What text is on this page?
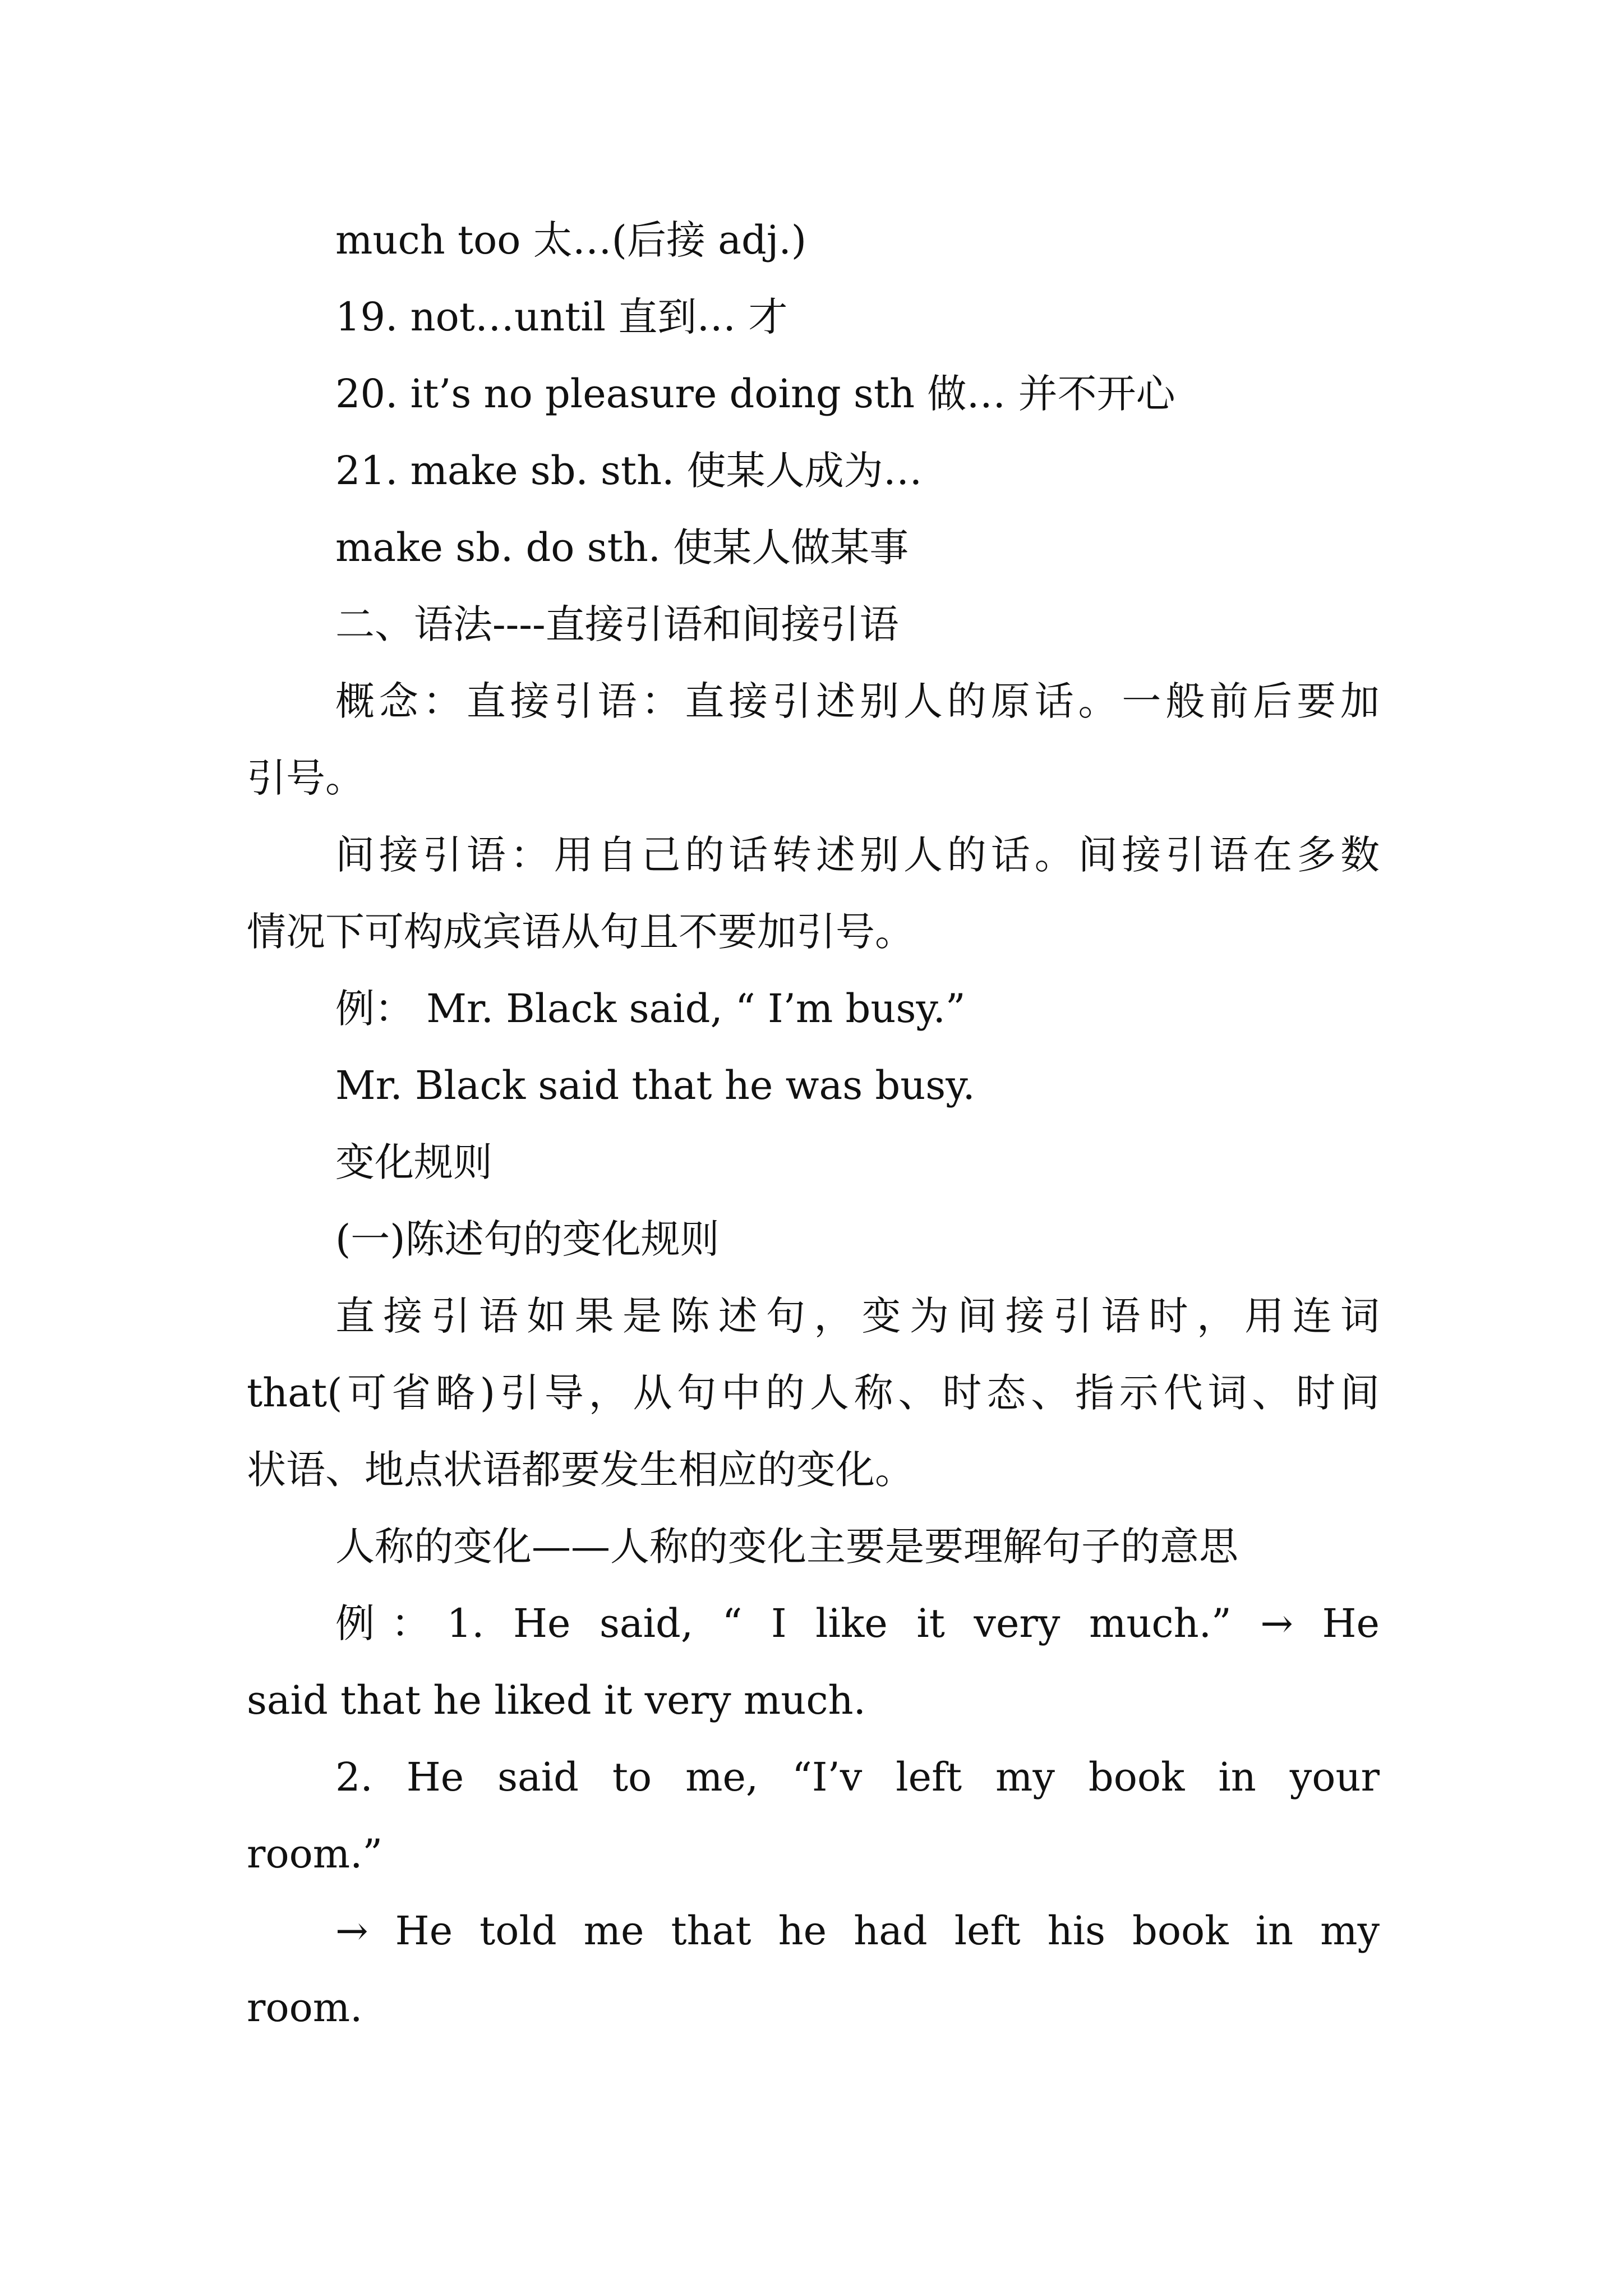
much too 太…(后接 adj.)
19. not…until 直到… 才
20. it’s no pleasure doing sth 做… 并不开心
21. make sb. sth. 使某人成为…
make sb. do sth. 使某人做某事
二、语法----直接引语和间接引语
概念：直接引语：直接引述别人的原话。一般前后要加
引号。
间接引语：用自己的话转述别人的话。间接引语在多数
情况下可构成宾语从句且不要加引号。
例： Mr. Black said, “ I’m busy.”
Mr. Black said that he was busy.
变化规则
(一)陈述句的变化规则
直接引语如果是陈述句，变为间接引语时，用连词
that(可省略)引导，从句中的人称、时态、指示代词、时间
状语、地点状语都要发生相应的变化。
人称的变化——人称的变化主要是要理解句子的意思
例：1. He said, “ I like it very much.” → He
said that he liked it very much.
2. He said to me, “I’v left my book in your
room.”
→ He told me that he had left his book in my
room.
